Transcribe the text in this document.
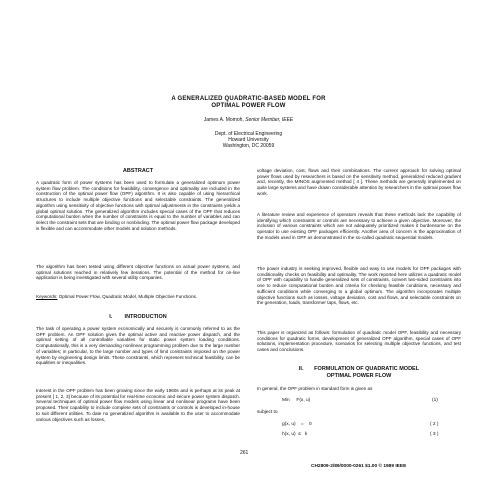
A GENERALIZED QUADRATIC-BASED MODEL FOR
OPTIMAL POWER FLOW
James A. Momoh, Senior Member, IEEE
Dept. of Electrical Engineering
Howard University
Washington, DC 20059
ABSTRACT

A quadratic form of power systems has been used to formulate a generalized optimum power system flow problem. The conditions for feasibility, convergence and optimality are included in the construction of the optimal power flow (OPF) algorithm. It is also capable of using hierarchical structures to include multiple objective functions and selectable constraints. The generalized algorithm using sensitivity of objective functions with optimal adjustments in the constraints yields a global optimal solution. The generalized algorithm includes special cases of the OPF that reduces computational burden when the number of constraints is equal to the number of variables and can select the constraint sets that are binding or nonbinding. The optimal power flow package developed is flexible and can accommodate other models and solution methods.

The algorithm has been tested using different objective functions on actual power systems, and optimal solutions reached in relatively few iterations. The potential of the method for on-line application is being investigated with several utility companies.

Keywords: Optimal Power Flow, Quadratic Model, Multiple Objective Functions.

I.        INTRODUCTION

The task of operating a power system economically and securely is commonly referred to as the OPF problem. An OPF solution gives the optimal active and reactive power dispatch, and the optimal setting of all controllable variables for static power system loading conditions. Computationally, this is a very demanding nonlinear programming problem due to the large number of variables; in particular, to the large number and types of limit constraints imposed on the power system by engineering design limits. These constraints, which represent technical feasibility, can be equalities or inequalities.

Interest in the OPF problem has been growing since the early 1960s and is perhaps at its peak at present [ 1, 2, 3] because of its potential for real-time economic and secure power system dispatch. Several techniques of optimal power flow models using linear and nonlinear programs have been proposed. Their capability to include complete sets of constraints or controls is developed in-house to suit different utilities. To date no generalized algorithm is available to the user to accommodate various objectives such as losses,

voltage deviation, cost, flows and their combinations. The current approach for solving optimal power flows used by researchers is based on the sensitivity method, generalized reduced gradient and, recently, the MINOS augmented method [ 4 ]. These methods are generally implemented on quite large systems and have drawn considerable attention by researchers in the optimal power flow work.

A literature review and experience of operators reveals that these methods lack the capability of identifying which constraints or controls are necessary to achieve a given objective. Moreover, the inclusion of various constraints which are not adequately prioritized makes it burdensome on the operator to use existing OPF packages efficiently. Another area of concern is the approximation of the models used in OPF as demonstrated in the so-called quadratic sequential models.

The power industry is seeking improved, flexible and easy to use models for OPF packages with conditionality checks on feasibility and optimality. The work reported here utilizes a quadratic model of OPF with capability to handle generalized sets of constraints, convert two-sided constraints into one to reduce computational burden and criteria for checking feasible conditions, necessary and sufficient conditions while converging to a global optimum. The algorithm incorporates multiple objective functions such as losses, voltage deviation, cost and flows, and selectable constraints on the generation, loads, transformer taps, flows, etc.

This paper is organized as follows: formulation of quadratic model OPF, feasibility and necessary conditions for quadratic forms, development of generalized OPF algorithm, special cases of OPF solutions, implementation procedure, scenarios for selecting multiple objective functions, and test cases and conclusions.

II.       FORMULATION OF QUADRATIC MODEL
OPTIMAL POWER FLOW

In general, the OPF problem in standard form is given as

Min     F(x, u)	(1)
subject to
g(x, u)    =    0	( 2 )
h(x, u)  ≤   k	( 3 )
261
CH2809-2/89/0000-0261 $1.00 © 1989 IEEE
